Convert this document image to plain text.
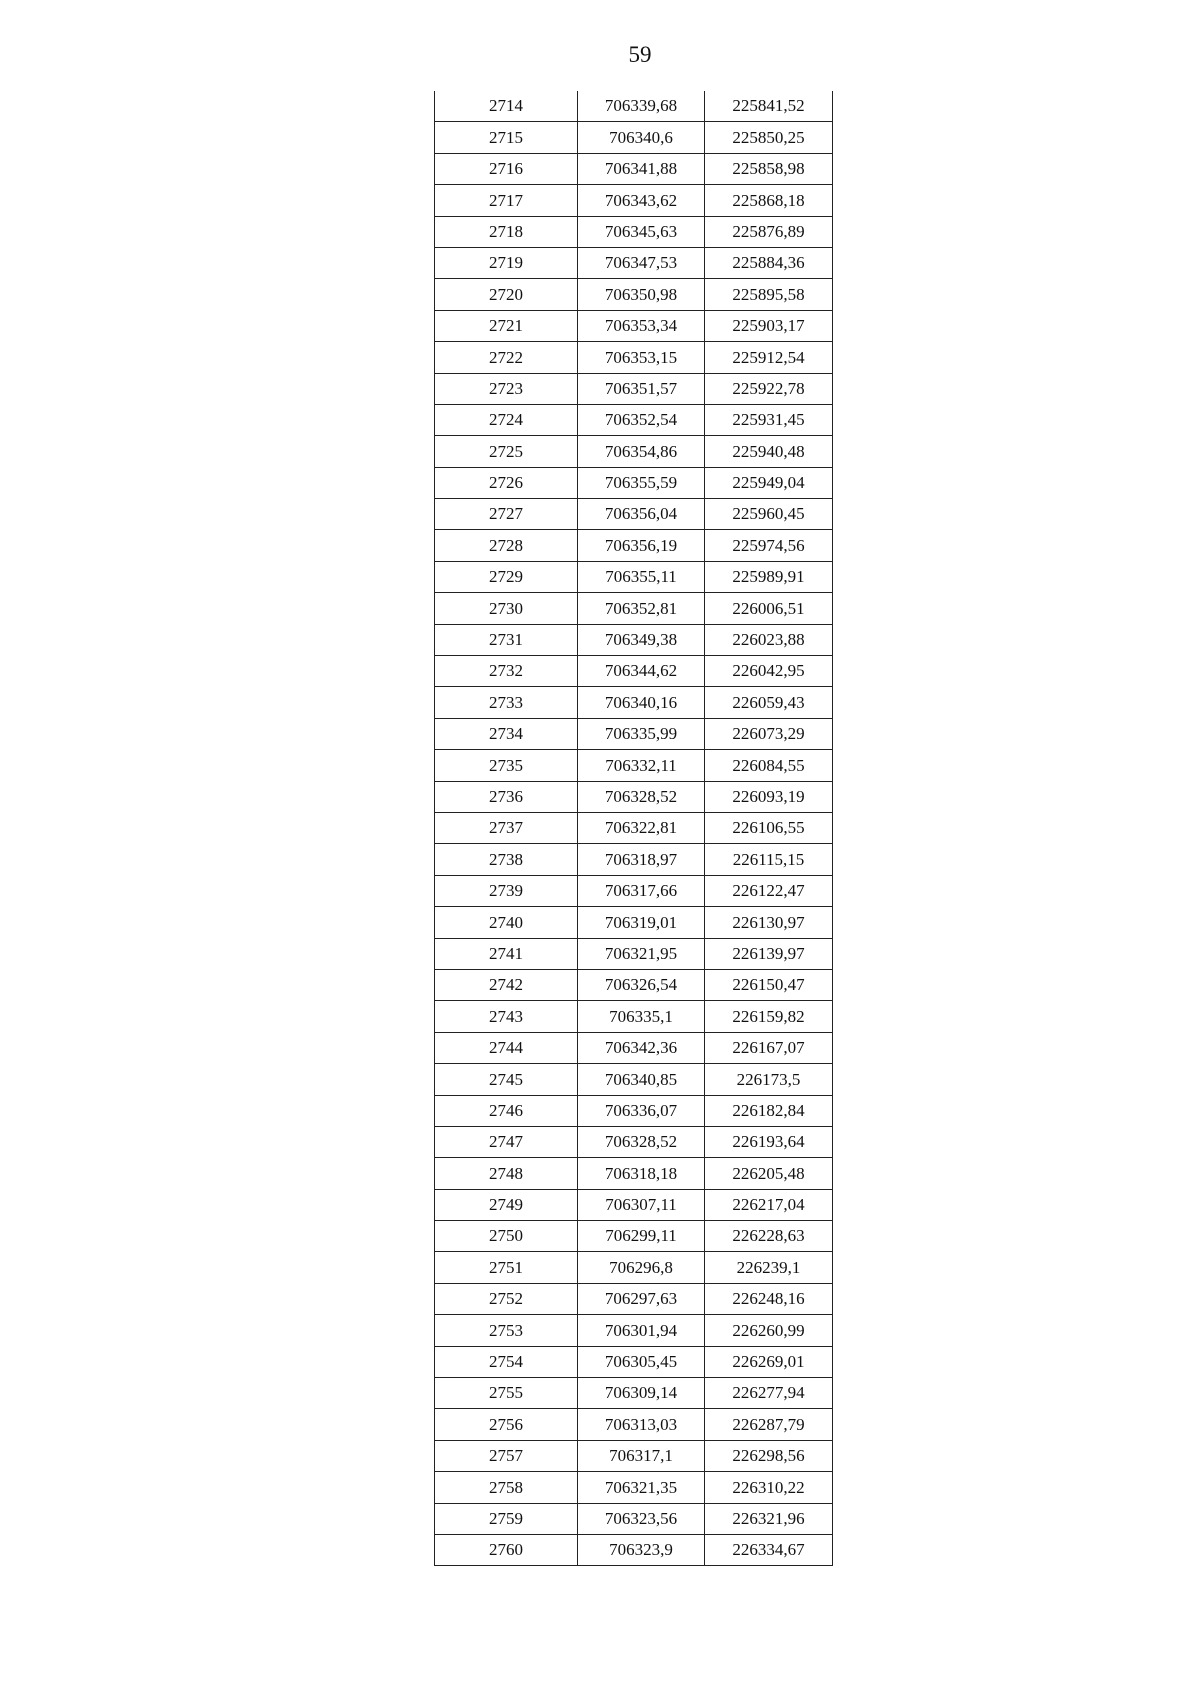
59
2714	706339,68	225841,52
2715	706340,6	225850,25
2716	706341,88	225858,98
2717	706343,62	225868,18
2718	706345,63	225876,89
2719	706347,53	225884,36
2720	706350,98	225895,58
2721	706353,34	225903,17
2722	706353,15	225912,54
2723	706351,57	225922,78
2724	706352,54	225931,45
2725	706354,86	225940,48
2726	706355,59	225949,04
2727	706356,04	225960,45
2728	706356,19	225974,56
2729	706355,11	225989,91
2730	706352,81	226006,51
2731	706349,38	226023,88
2732	706344,62	226042,95
2733	706340,16	226059,43
2734	706335,99	226073,29
2735	706332,11	226084,55
2736	706328,52	226093,19
2737	706322,81	226106,55
2738	706318,97	226115,15
2739	706317,66	226122,47
2740	706319,01	226130,97
2741	706321,95	226139,97
2742	706326,54	226150,47
2743	706335,1	226159,82
2744	706342,36	226167,07
2745	706340,85	226173,5
2746	706336,07	226182,84
2747	706328,52	226193,64
2748	706318,18	226205,48
2749	706307,11	226217,04
2750	706299,11	226228,63
2751	706296,8	226239,1
2752	706297,63	226248,16
2753	706301,94	226260,99
2754	706305,45	226269,01
2755	706309,14	226277,94
2756	706313,03	226287,79
2757	706317,1	226298,56
2758	706321,35	226310,22
2759	706323,56	226321,96
2760	706323,9	226334,67
